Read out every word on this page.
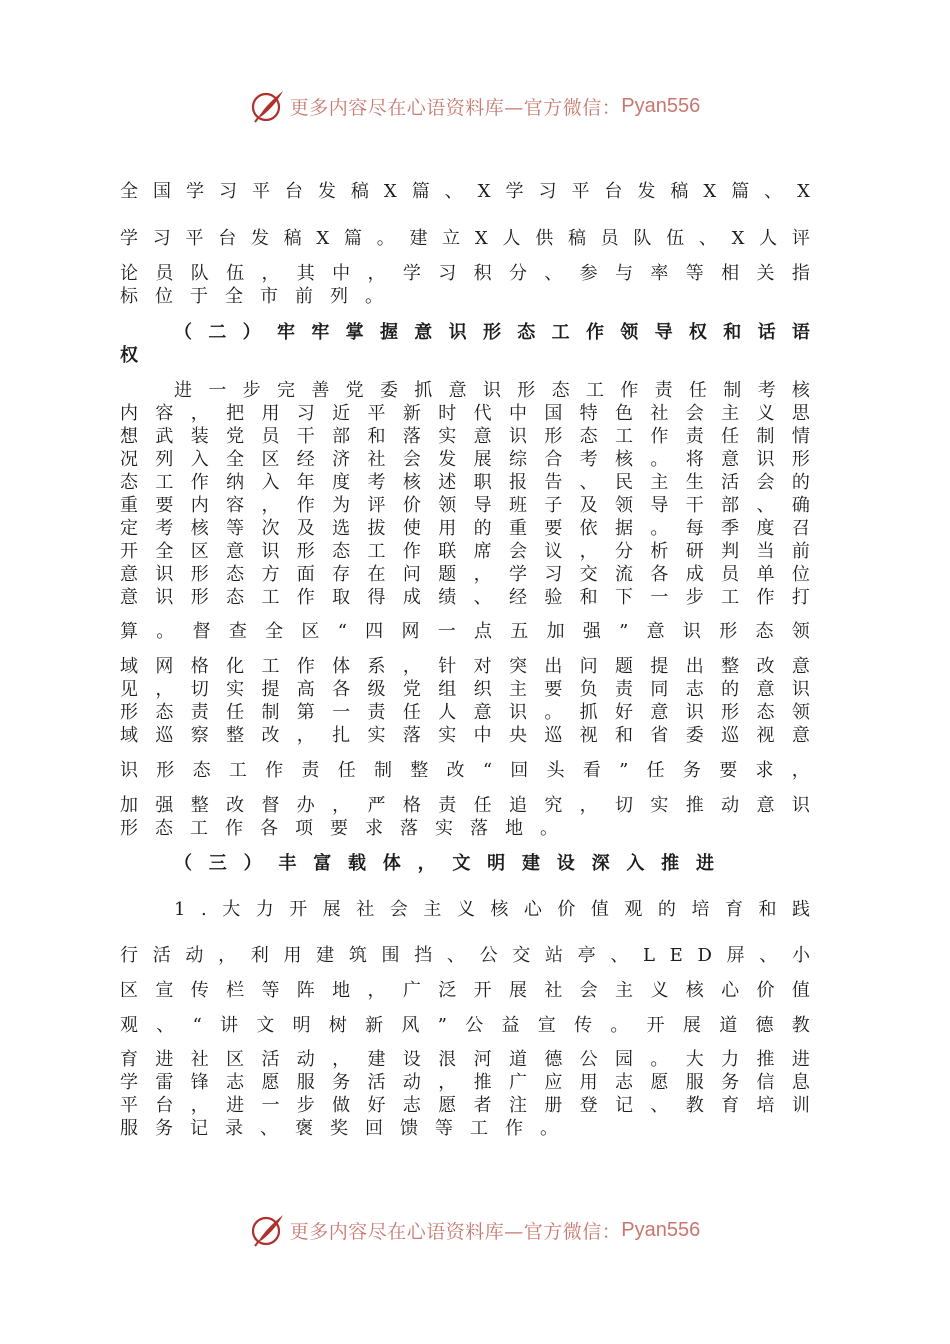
更多内容尽在心语资料库—官方微信： Pyan556
全 国 学 习 平 台 发 稿 X 篇 、 X 学 习 平 台 发 稿 X 篇 、 X
学 习 平 台 发 稿 X 篇 。 建 立 X 人 供 稿 员 队 伍 、 X 人 评
论 员 队 伍 ， 其 中 ， 学 习 积 分 、 参 与 率 等 相 关 指
标位于全市前列。
（ 二 ） 牢 牢 掌 握 意 识 形 态 工 作 领 导 权 和 话 语
权
进 一 步 完 善 党 委 抓 意 识 形 态 工 作 责 任 制 考 核
内 容 ， 把 用 习 近 平 新 时 代 中 国 特 色 社 会 主 义 思
想 武 装 党 员 干 部 和 落 实 意 识 形 态 工 作 责 任 制 情
况 列 入 全 区 经 济 社 会 发 展 综 合 考 核 。 将 意 识 形
态 工 作 纳 入 年 度 考 核 述 职 报 告 、 民 主 生 活 会 的
重 要 内 容 ， 作 为 评 价 领 导 班 子 及 领 导 干 部 、 确
定 考 核 等 次 及 选 拔 使 用 的 重 要 依 据 。 每 季 度 召
开 全 区 意 识 形 态 工 作 联 席 会 议 ， 分 析 研 判 当 前
意 识 形 态 方 面 存 在 问 题 ， 学 习 交 流 各 成 员 单 位
意 识 形 态 工 作 取 得 成 绩 、 经 验 和 下 一 步 工 作 打
算 。 督 查 全 区 “ 四 网 一 点 五 加 强 ” 意 识 形 态 领
域 网 格 化 工 作 体 系 ， 针 对 突 出 问 题 提 出 整 改 意
见 ， 切 实 提 高 各 级 党 组 织 主 要 负 责 同 志 的 意 识
形 态 责 任 制 第 一 责 任 人 意 识 。 抓 好 意 识 形 态 领
域 巡 察 整 改 ， 扎 实 落 实 中 央 巡 视 和 省 委 巡 视 意
识 形 态 工 作 责 任 制 整 改 “ 回 头 看 ” 任 务 要 求 ，
加 强 整 改 督 办 ， 严 格 责 任 追 究 ， 切 实 推 动 意 识
形态工作各项要求落实落地。
（ 三 ） 丰 富 载 体 ， 文 明 建 设 深 入 推 进
1 . 大 力 开 展 社 会 主 义 核 心 价 值 观 的 培 育 和 践
行 活 动 ， 利 用 建 筑 围 挡 、 公 交 站 亭 、 L E D 屏 、 小
区 宣 传 栏 等 阵 地 ， 广 泛 开 展 社 会 主 义 核 心 价 值
观 、 “ 讲 文 明 树 新 风 ” 公 益 宣 传 。 开 展 道 德 教
育 进 社 区 活 动 ， 建 设 泿 河 道 德 公 园 。 大 力 推 进
学 雷 锋 志 愿 服 务 活 动 ， 推 广 应 用 志 愿 服 务 信 息
平 台 ， 进 一 步 做 好 志 愿 者 注 册 登 记 、 教 育 培 训
服务记录、褒奖回馈等工作。
更多内容尽在心语资料库—官方微信： Pyan556
